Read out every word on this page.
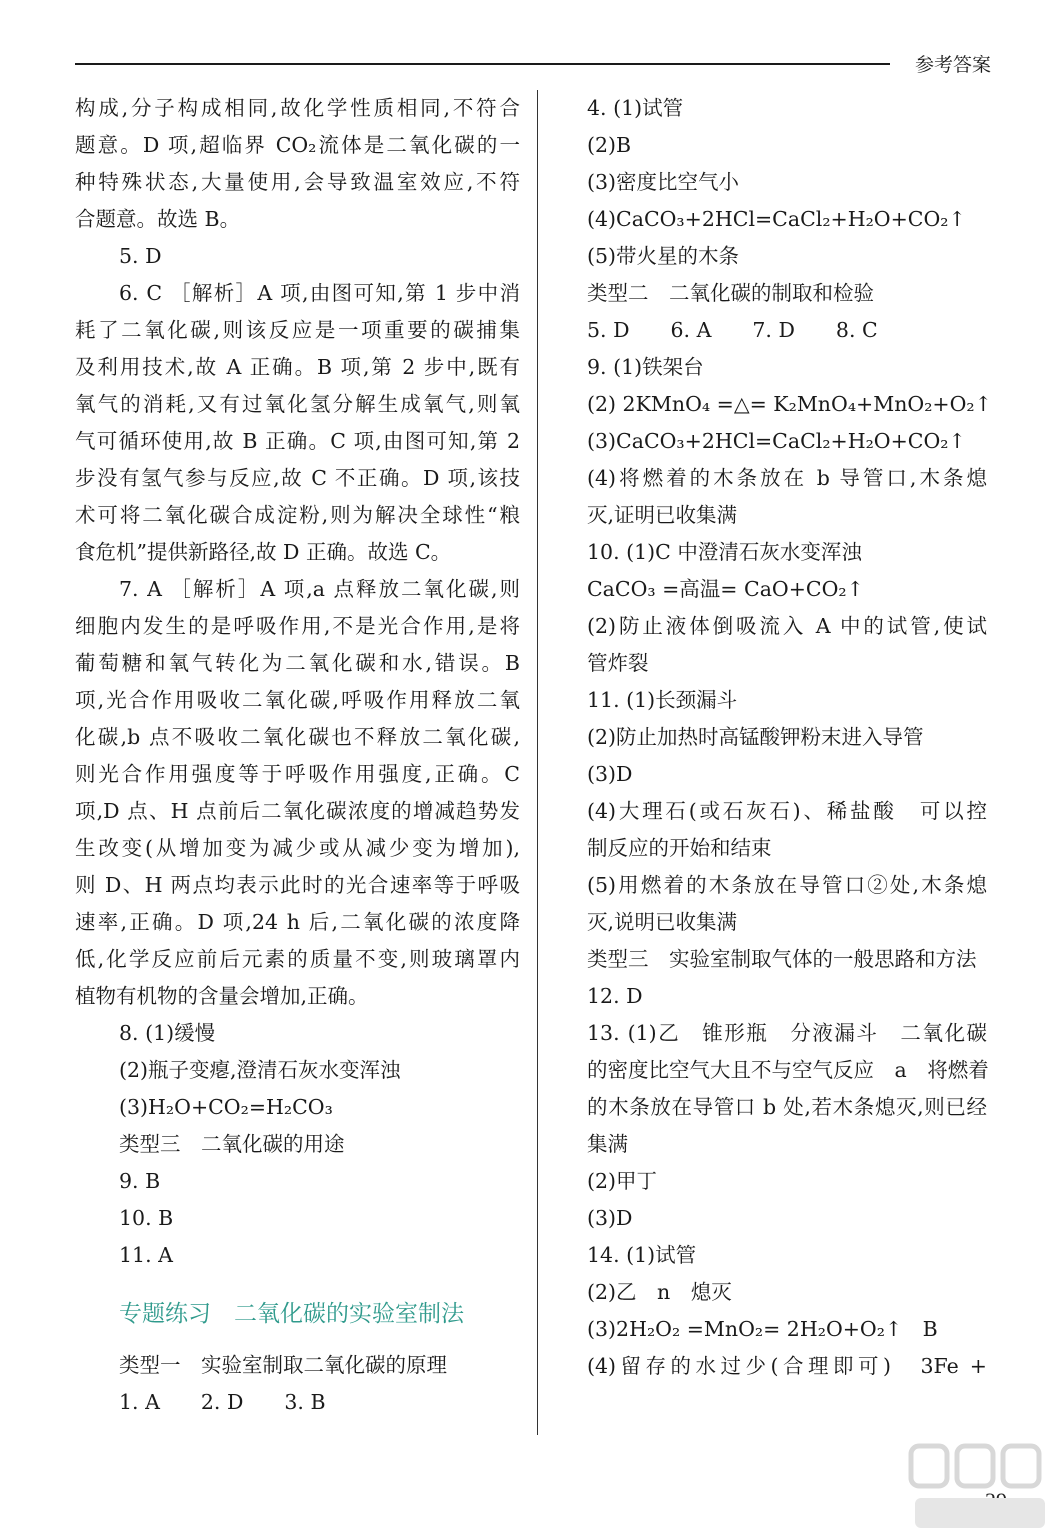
参考答案
构成,分子构成相同,故化学性质相同,不符合
题意。D 项,超临界 CO₂流体是二氧化碳的一
种特殊状态,大量使用,会导致温室效应,不符
合题意。故选 B。
5. D
6. C ［解析］A 项,由图可知,第 1 步中消
耗了二氧化碳,则该反应是一项重要的碳捕集
及利用技术,故 A 正确。B 项,第 2 步中,既有
氧气的消耗,又有过氧化氢分解生成氧气,则氧
气可循环使用,故 B 正确。C 项,由图可知,第 2
步没有氢气参与反应,故 C 不正确。D 项,该技
术可将二氧化碳合成淀粉,则为解决全球性“粮
食危机”提供新路径,故 D 正确。故选 C。
7. A ［解析］A 项,a 点释放二氧化碳,则
细胞内发生的是呼吸作用,不是光合作用,是将
葡萄糖和氧气转化为二氧化碳和水,错误。B
项,光合作用吸收二氧化碳,呼吸作用释放二氧
化碳,b 点不吸收二氧化碳也不释放二氧化碳,
则光合作用强度等于呼吸作用强度,正确。C
项,D 点、H 点前后二氧化碳浓度的增减趋势发
生改变(从增加变为减少或从减少变为增加),
则 D、H 两点均表示此时的光合速率等于呼吸
速率,正确。D 项,24 h 后,二氧化碳的浓度降
低,化学反应前后元素的质量不变,则玻璃罩内
植物有机物的含量会增加,正确。
8. (1)缓慢
(2)瓶子变瘪,澄清石灰水变浑浊
(3)H₂O+CO₂=H₂CO₃
类型三　二氧化碳的用途
9. B
10. B
11. A
专题练习　二氧化碳的实验室制法
类型一　实验室制取二氧化碳的原理
1. A　　2. D　　3. B
4. (1)试管
(2)B
(3)密度比空气小
(4)CaCO₃+2HCl=CaCl₂+H₂O+CO₂↑
(5)带火星的木条
类型二　二氧化碳的制取和检验
5. D　　6. A　　7. D　　8. C
9. (1)铁架台
(2) 2KMnO₄ =△= K₂MnO₄+MnO₂+O₂↑
(3)CaCO₃+2HCl=CaCl₂+H₂O+CO₂↑
(4)将燃着的木条放在 b 导管口,木条熄
灭,证明已收集满
10. (1)C 中澄清石灰水变浑浊
CaCO₃ =高温= CaO+CO₂↑
(2)防止液体倒吸流入 A 中的试管,使试
管炸裂
11. (1)长颈漏斗
(2)防止加热时高锰酸钾粉末进入导管
(3)D
(4)大理石(或石灰石)、稀盐酸　可以控
制反应的开始和结束
(5)用燃着的木条放在导管口②处,木条熄
灭,说明已收集满
类型三　实验室制取气体的一般思路和方法
12. D
13. (1)乙　锥形瓶　分液漏斗　二氧化碳
的密度比空气大且不与空气反应　a　将燃着
的木条放在导管口 b 处,若木条熄灭,则已经
集满
(2)甲丁
(3)D
14. (1)试管
(2)乙　n　熄灭
(3)2H₂O₂ =MnO₂= 2H₂O+O₂↑　B
(4)留存的水过少(合理即可)　3Fe +
